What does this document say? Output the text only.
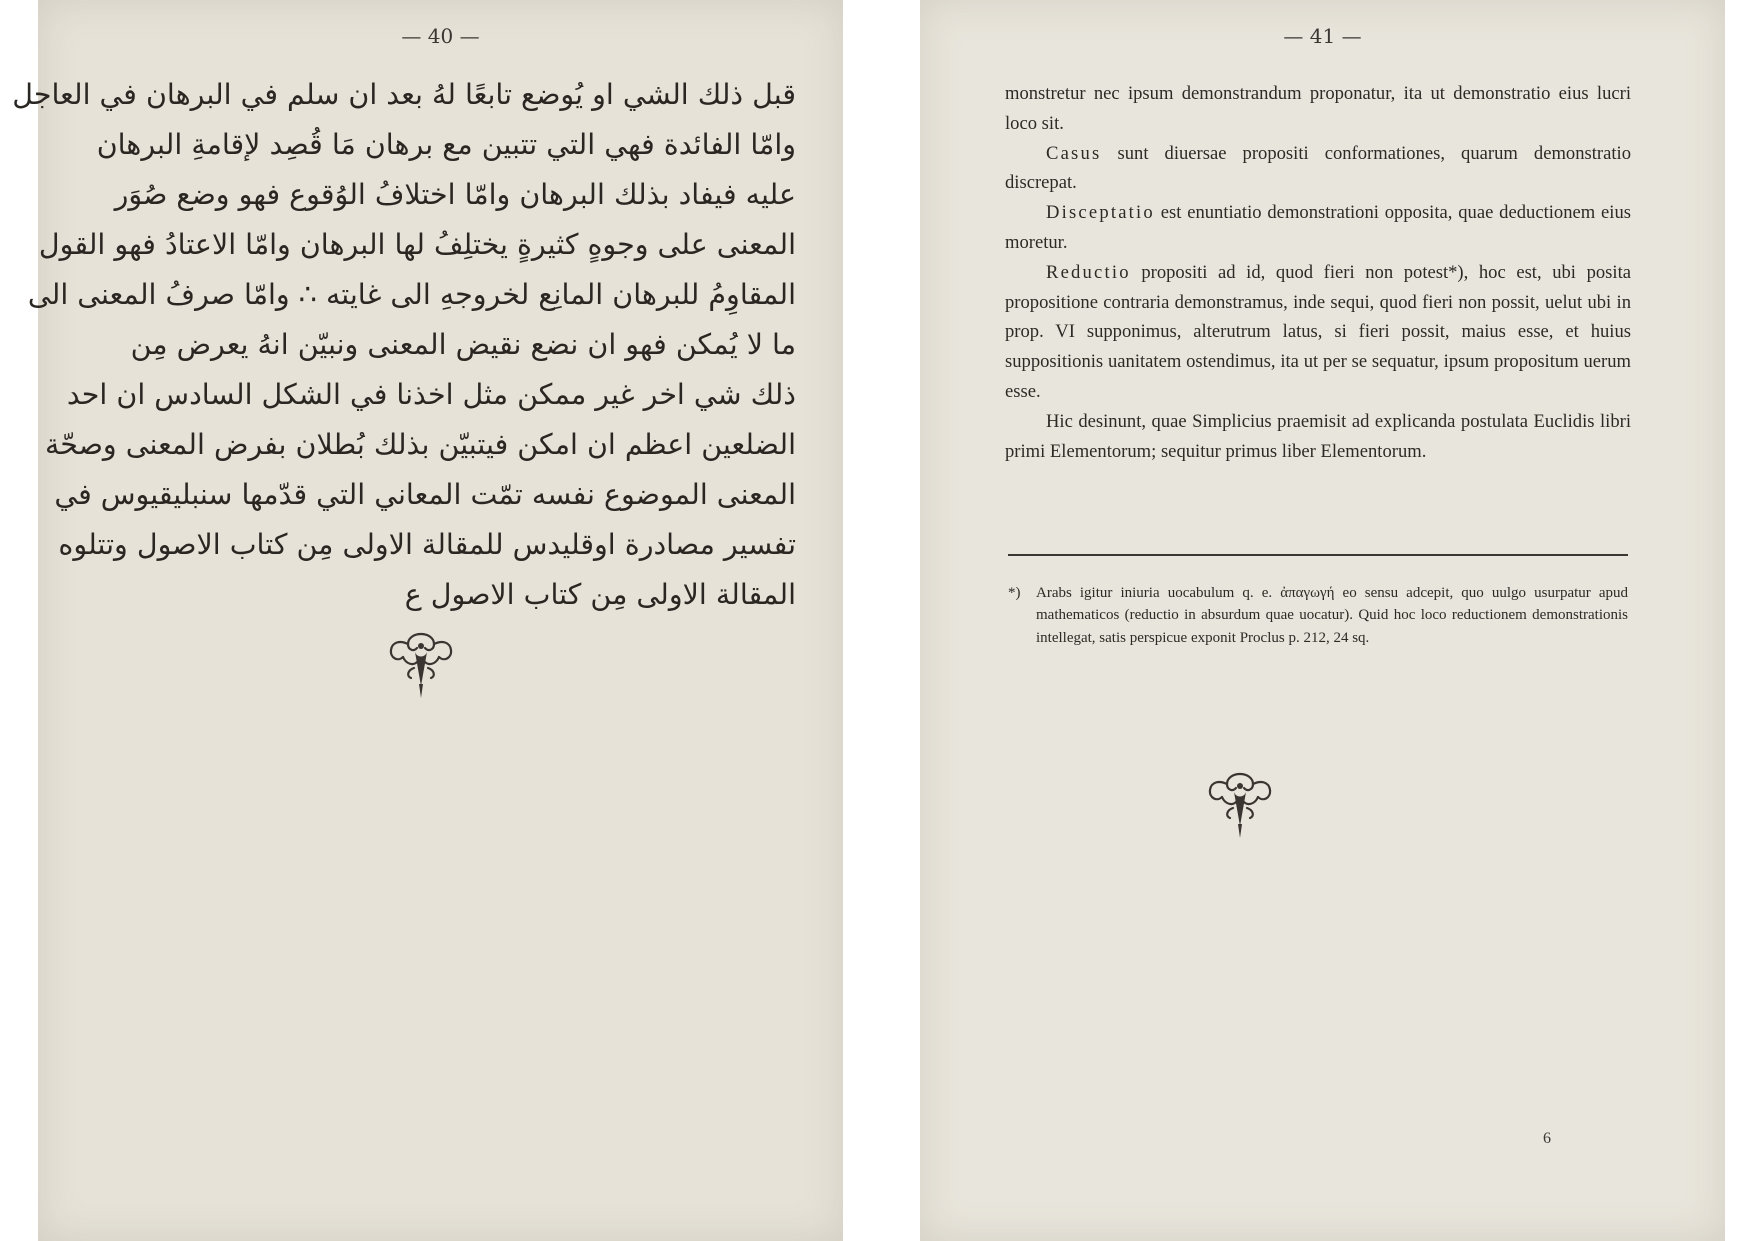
— 40 —
قبل ذلك الشي او يُوضع تابعًا لهُ بعد ان سلم في البرهان في العاجل
وامّا الفائدة فهي التي تتبين مع برهان مَا قُصِد لإقامةِ البرهان
عليه فيفاد بذلك البرهان وامّا اختلافُ الوُقوع فهو وضع صُوَر
المعنى على وجوهٍ كثيرةٍ يختلِفُ لها البرهان وامّا الاعتادُ فهو القول
المقاوِمُ للبرهان المانِع لخروجهِ الى غايته ∴ وامّا صرفُ المعنى الى
ما لا يُمكن فهو ان نضع نقيض المعنى ونبيّن انهُ يعرض مِن
ذلك شي اخر غير ممكن مثل اخذنا في الشكل السادس ان احد
الضلعين اعظم ان امكن فيتبيّن بذلك بُطلان بفرض المعنى وصحّة
المعنى الموضوع نفسه تمّت المعاني التي قدّمها سنبليقيوس في
تفسير مصادرة اوقليدس للمقالة الاولى مِن كتاب الاصول وتتلوه
المقالة الاولى مِن كتاب الاصول ع
— 41 —

monstretur nec ipsum demonstrandum proponatur, ita ut demonstratio eius lucri loco sit.

Casus sunt diuersae propositi conformationes, quarum demonstratio discrepat.

Disceptatio est enuntiatio demonstrationi opposita, quae deductionem eius moretur.

Reductio propositi ad id, quod fieri non potest*), hoc est, ubi posita propositione contraria demonstramus, inde sequi, quod fieri non possit, uelut ubi in prop. VI supponimus, alterutrum latus, si fieri possit, maius esse, et huius suppositionis uanitatem ostendimus, ita ut per se sequatur, ipsum propositum uerum esse.

Hic desinunt, quae Simplicius praemisit ad explicanda postulata Euclidis libri primi Elementorum; sequitur primus liber Elementorum.

*)	Arabs igitur iniuria uocabulum q. e. ἀπαγωγή eo sensu adcepit, quo uulgo usurpatur apud mathematicos (reductio in absurdum quae uocatur). Quid hoc loco reductionem demonstrationis intellegat, satis perspicue exponit Proclus p. 212, 24 sq.
6
